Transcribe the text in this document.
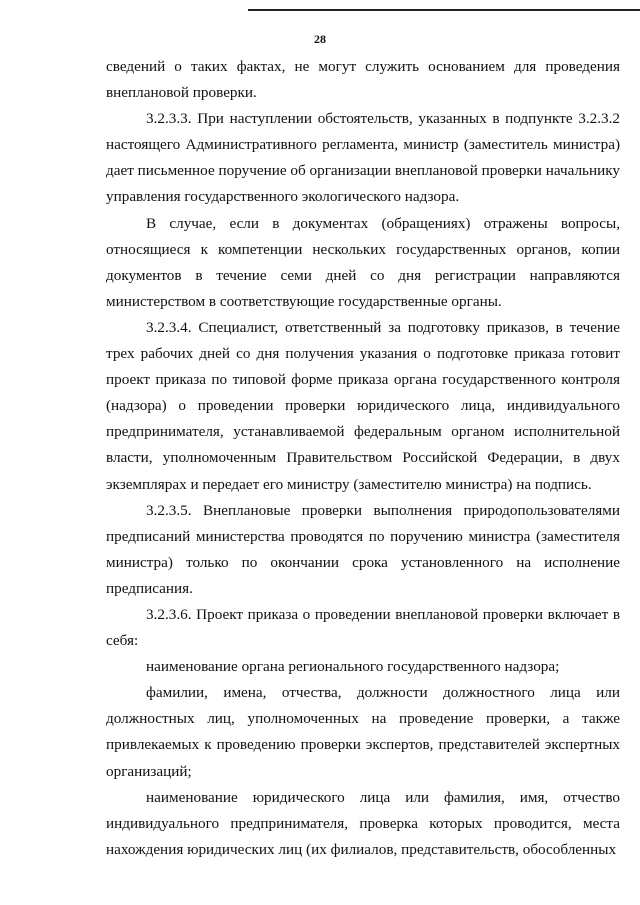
28

сведений о таких фактах, не могут служить основанием для проведения внеплановой проверки.

3.2.3.3. При наступлении обстоятельств, указанных в подпункте 3.2.3.2 настоящего Административного регламента, министр (заместитель министра) дает письменное поручение об организации внеплановой проверки начальнику управления государственного экологического надзора.

В случае, если в документах (обращениях) отражены вопросы, относящиеся к компетенции нескольких государственных органов, копии документов в течение семи дней со дня регистрации направляются министерством в соответствующие государственные органы.

3.2.3.4. Специалист, ответственный за подготовку приказов, в течение трех рабочих дней со дня получения указания о подготовке приказа готовит проект приказа по типовой форме приказа органа государственного контроля (надзора) о проведении проверки юридического лица, индивидуального предпринимателя, устанавливаемой федеральным органом исполнительной власти, уполномоченным Правительством Российской Федерации, в двух экземплярах и передает его министру (заместителю министра) на подпись.

3.2.3.5. Внеплановые проверки выполнения природопользователями предписаний министерства проводятся по поручению министра (заместителя министра) только по окончании срока установленного на исполнение предписания.

3.2.3.6. Проект приказа о проведении внеплановой проверки включает в себя:

наименование органа регионального государственного надзора;

фамилии, имена, отчества, должности должностного лица или должностных лиц, уполномоченных на проведение проверки, а также привлекаемых к проведению проверки экспертов, представителей экспертных организаций;

наименование юридического лица или фамилия, имя, отчество индивидуального предпринимателя, проверка которых проводится, места нахождения юридических лиц (их филиалов, представительств, обособленных
